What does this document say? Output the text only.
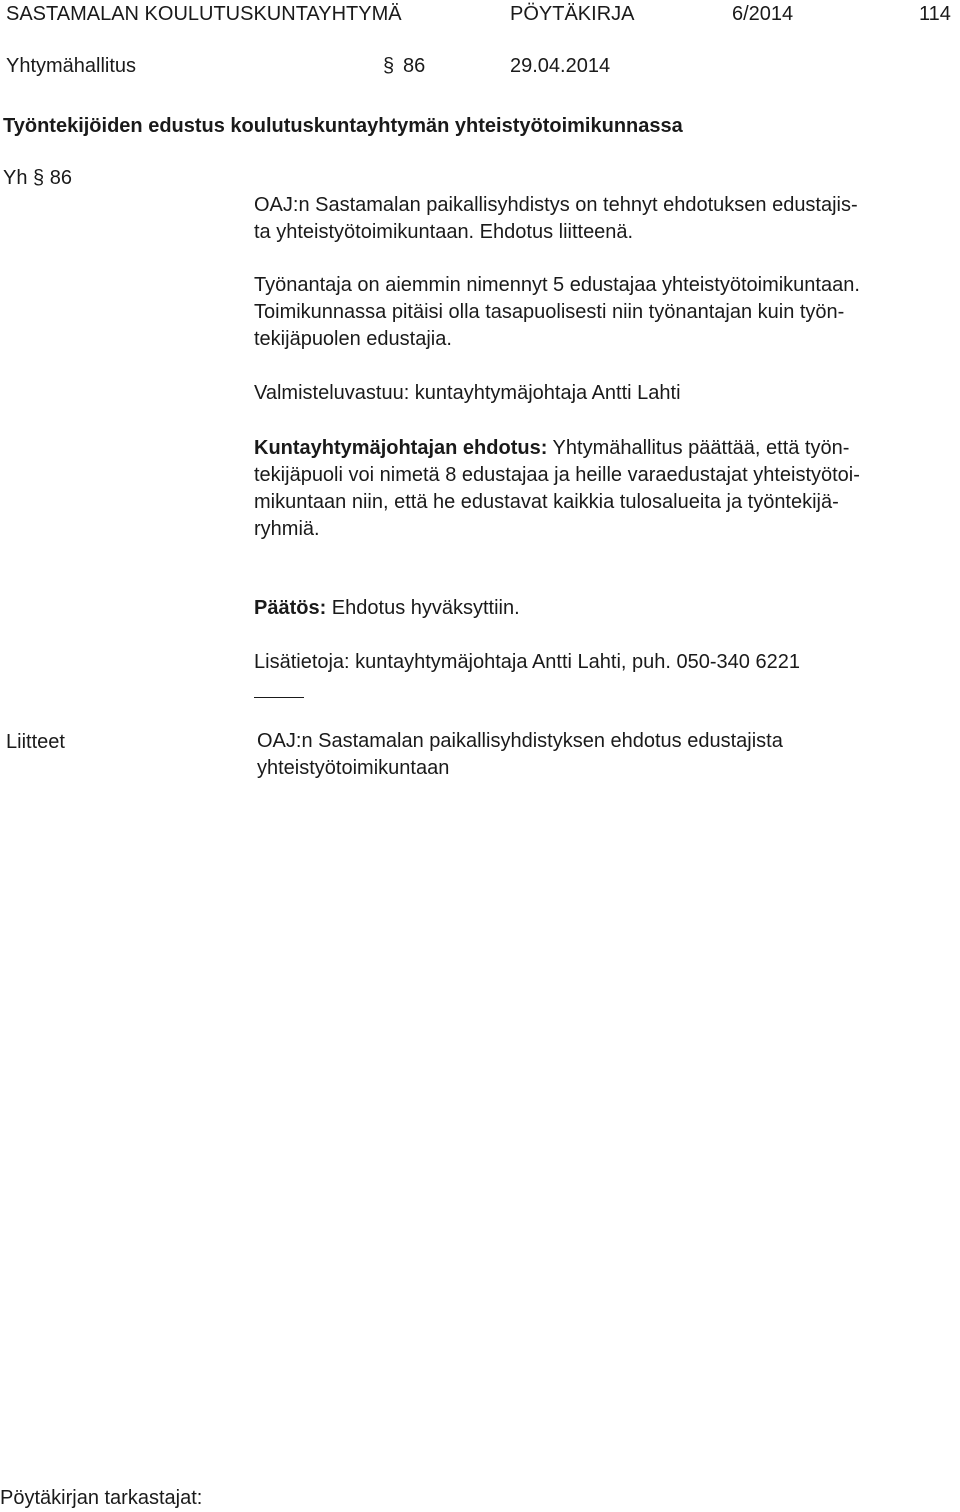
SASTAMALAN KOULUTUSKUNTAYHTYMÄ	PÖYTÄKIRJA	6/2014	114
Yhtymähallitus	§ 86	29.04.2014
Työntekijöiden edustus koulutuskuntayhtymän yhteistyötoimikunnassa
Yh § 86
OAJ:n Sastamalan paikallisyhdistys on tehnyt ehdotuksen edustajis-
ta yhteistyötoimikuntaan. Ehdotus liitteenä.
Työnantaja on aiemmin nimennyt 5 edustajaa yhteistyötoimikuntaan.
Toimikunnassa pitäisi olla tasapuolisesti niin työnantajan kuin työn-
tekijäpuolen edustajia.
Valmisteluvastuu: kuntayhtymäjohtaja Antti Lahti
Kuntayhtymäjohtajan ehdotus: Yhtymähallitus päättää, että työn-
tekijäpuoli voi nimetä 8 edustajaa ja heille varaedustajat yhteistyötoi-
mikuntaan niin, että he edustavat kaikkia tulosalueita ja työntekijä-
ryhmiä.
Päätös: Ehdotus hyväksyttiin.
Lisätietoja: kuntayhtymäjohtaja Antti Lahti, puh. 050-340 6221
Liitteet	OAJ:n Sastamalan paikallisyhdistyksen ehdotus edustajista
yhteistyötoimikuntaan
Pöytäkirjan tarkastajat:
